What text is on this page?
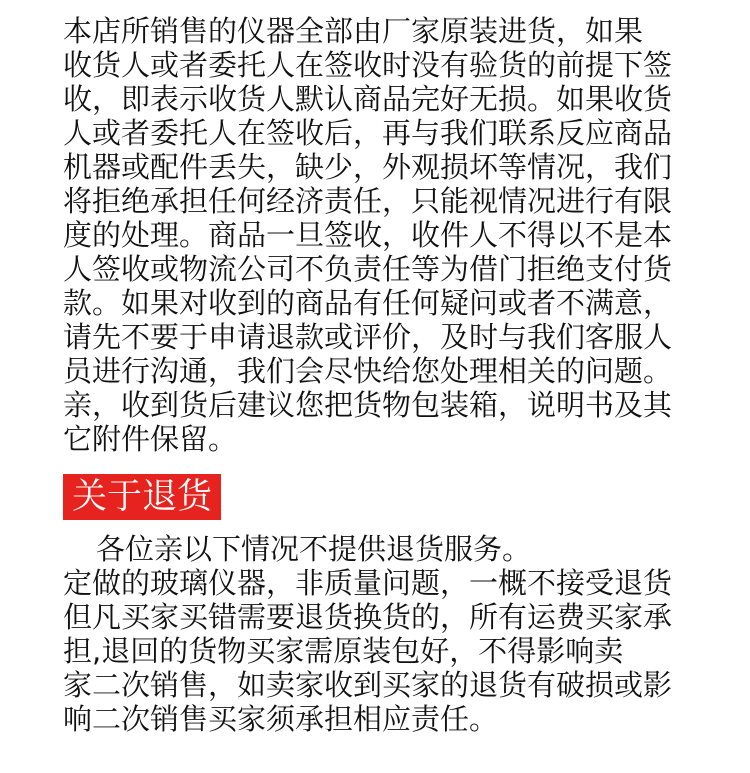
本店所销售的仪器全部由厂家原装进货，如果
收货人或者委托人在签收时没有验货的前提下签
收，即表示收货人默认商品完好无损。如果收货
人或者委托人在签收后，再与我们联系反应商品
机器或配件丢失，缺少，外观损坏等情况，我们
将拒绝承担任何经济责任，只能视情况进行有限
度的处理。商品一旦签收，收件人不得以不是本
人签收或物流公司不负责任等为借门拒绝支付货
款。如果对收到的商品有任何疑问或者不满意，
请先不要于申请退款或评价，及时与我们客服人
员进行沟通，我们会尽快给您处理相关的问题。
亲，收到货后建议您把货物包装箱，说明书及其
它附件保留。
关于退货
各位亲以下情况不提供退货服务。
定做的玻璃仪器，非质量问题，一概不接受退货
但凡买家买错需要退货换货的，所有运费买家承
担,退回的货物买家需原装包好，不得影响卖
家二次销售，如卖家收到买家的退货有破损或影
响二次销售买家须承担相应责任。
